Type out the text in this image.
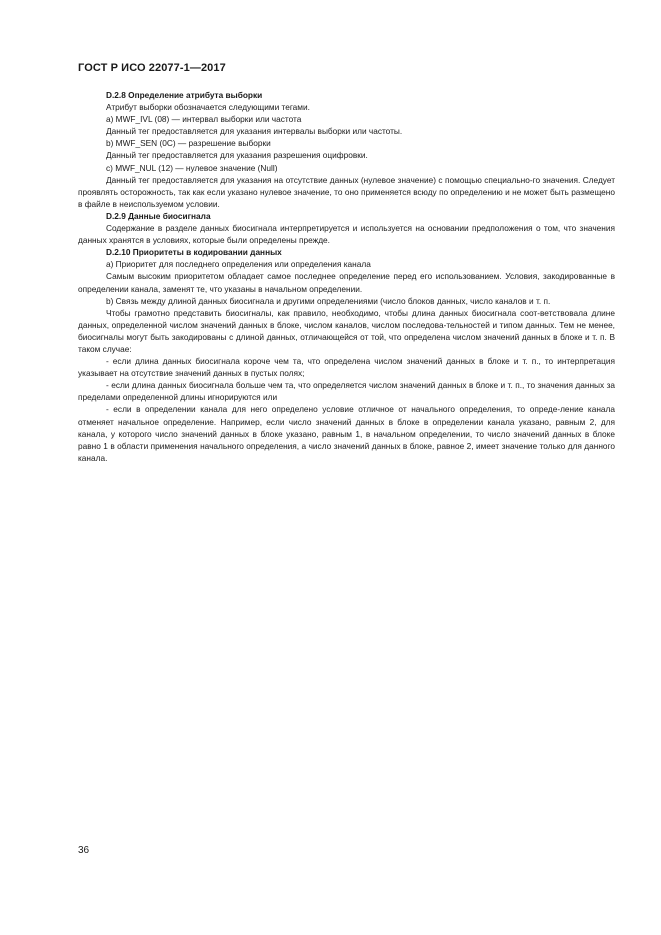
ГОСТ Р ИСО 22077-1—2017

D.2.8 Определение атрибута выборки

Атрибут выборки обозначается следующими тегами.

а) MWF_IVL (08) — интервал выборки или частота

Данный тег предоставляется для указания интервалы выборки или частоты.

b) MWF_SEN (0C) — разрешение выборки

Данный тег предоставляется для указания разрешения оцифровки.

с) MWF_NUL (12) — нулевое значение (Null)

Данный тег предоставляется для указания на отсутствие данных (нулевое значение) с помощью специально-го значения. Следует проявлять осторожность, так как если указано нулевое значение, то оно применяется всюду по определению и не может быть размещено в файле в неиспользуемом условии.

D.2.9 Данные биосигнала

Содержание в разделе данных биосигнала интерпретируется и используется на основании предположения о том, что значения данных хранятся в условиях, которые были определены прежде.

D.2.10 Приоритеты в кодировании данных

а) Приоритет для последнего определения или определения канала

Самым высоким приоритетом обладает самое последнее определение перед его использованием. Условия, закодированные в определении канала, заменят те, что указаны в начальном определении.

b) Связь между длиной данных биосигнала и другими определениями (число блоков данных, число каналов и т. п.

Чтобы грамотно представить биосигналы, как правило, необходимо, чтобы длина данных биосигнала соот-ветствовала длине данных, определенной числом значений данных в блоке, числом каналов, числом последова-тельностей и типом данных. Тем не менее, биосигналы могут быть закодированы с длиной данных, отличающейся от той, что определена числом значений данных в блоке и т. п. В таком случае:

- если длина данных биосигнала короче чем та, что определена числом значений данных в блоке и т. п., то интерпретация указывает на отсутствие значений данных в пустых полях;

- если длина данных биосигнала больше чем та, что определяется числом значений данных в блоке и т. п., то значения данных за пределами определенной длины игнорируются или

- если в определении канала для него определено условие отличное от начального определения, то опреде-ление канала отменяет начальное определение. Например, если число значений данных в блоке в определении канала указано, равным 2, для канала, у которого число значений данных в блоке указано, равным 1, в начальном определении, то число значений данных в блоке равно 1 в области применения начального определения, а число значений данных в блоке, равное 2, имеет значение только для данного канала.

36
